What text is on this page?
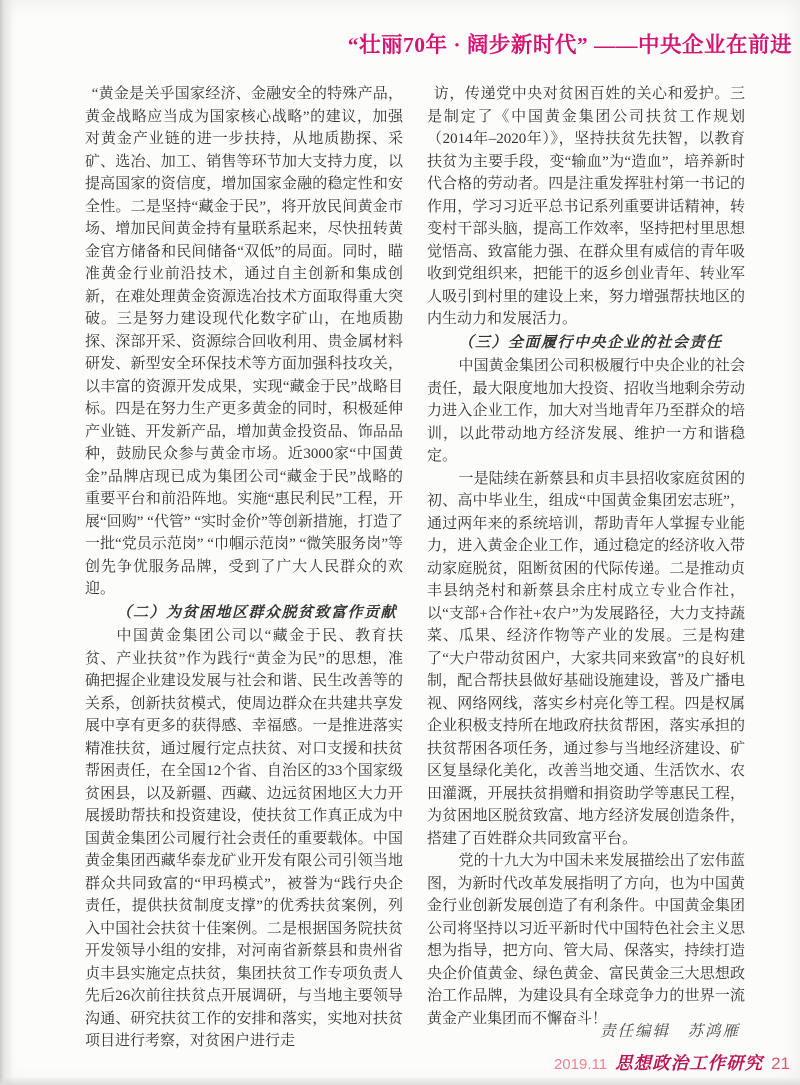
“壮丽70年 · 阔步新时代” ——中央企业在前进

“黄金是关乎国家经济、金融安全的特殊产品，黄金战略应当成为国家核心战略”的建议，加强对黄金产业链的进一步扶持，从地质勘探、采矿、选冶、加工、销售等环节加大支持力度，以提高国家的资信度，增加国家金融的稳定性和安全性。二是坚持“藏金于民”，将开放民间黄金市场、增加民间黄金持有量联系起来，尽快扭转黄金官方储备和民间储备“双低”的局面。同时，瞄准黄金行业前沿技术，通过自主创新和集成创新，在难处理黄金资源选冶技术方面取得重大突破。三是努力建设现代化数字矿山，在地质勘探、深部开采、资源综合回收利用、贵金属材料研发、新型安全环保技术等方面加强科技攻关，以丰富的资源开发成果，实现“藏金于民”战略目标。四是在努力生产更多黄金的同时，积极延伸产业链、开发新产品，增加黄金投资品、饰品品种，鼓励民众参与黄金市场。近3000家“中国黄金”品牌店现已成为集团公司“藏金于民”战略的重要平台和前沿阵地。实施“惠民利民”工程，开展“回购” “代管” “实时金价”等创新措施，打造了一批“党员示范岗” “巾帼示范岗” “微笑服务岗”等创先争优服务品牌，受到了广大人民群众的欢迎。

（二）为贫困地区群众脱贫致富作贡献

中国黄金集团公司以“藏金于民、教育扶贫、产业扶贫”作为践行“黄金为民”的思想，准确把握企业建设发展与社会和谐、民生改善等的关系，创新扶贫模式，使周边群众在共建共享发展中享有更多的获得感、幸福感。一是推进落实精准扶贫，通过履行定点扶贫、对口支援和扶贫帮困责任，在全国12个省、自治区的33个国家级贫困县，以及新疆、西藏、边远贫困地区大力开展援助帮扶和投资建设，使扶贫工作真正成为中国黄金集团公司履行社会责任的重要载体。中国黄金集团西藏华泰龙矿业开发有限公司引领当地群众共同致富的“甲玛模式”，被誉为“践行央企责任，提供扶贫制度支撑”的优秀扶贫案例，列入中国社会扶贫十佳案例。二是根据国务院扶贫开发领导小组的安排，对河南省新蔡县和贵州省贞丰县实施定点扶贫，集团扶贫工作专项负责人先后26次前往扶贫点开展调研，与当地主要领导沟通、研究扶贫工作的安排和落实，实地对扶贫项目进行考察，对贫困户进行走

访，传递党中央对贫困百姓的关心和爱护。三是制定了《中国黄金集团公司扶贫工作规划（2014年–2020年）》，坚持扶贫先扶智，以教育扶贫为主要手段，变“输血”为“造血”，培养新时代合格的劳动者。四是注重发挥驻村第一书记的作用，学习习近平总书记系列重要讲话精神，转变村干部头脑，提高工作效率，坚持把村里思想觉悟高、致富能力强、在群众里有威信的青年吸收到党组织来，把能干的返乡创业青年、转业军人吸引到村里的建设上来，努力增强帮扶地区的内生动力和发展活力。

（三）全面履行中央企业的社会责任

中国黄金集团公司积极履行中央企业的社会责任，最大限度地加大投资、招收当地剩余劳动力进入企业工作，加大对当地青年乃至群众的培训，以此带动地方经济发展、维护一方和谐稳定。

一是陆续在新蔡县和贞丰县招收家庭贫困的初、高中毕业生，组成“中国黄金集团宏志班”，通过两年来的系统培训，帮助青年人掌握专业能力，进入黄金企业工作，通过稳定的经济收入带动家庭脱贫，阻断贫困的代际传递。二是推动贞丰县纳尧村和新蔡县余庄村成立专业合作社，以“支部+合作社+农户”为发展路径，大力支持蔬菜、瓜果、经济作物等产业的发展。三是构建了“大户带动贫困户，大家共同来致富”的良好机制，配合帮扶县做好基础设施建设，普及广播电视、网络网线，落实乡村亮化等工程。四是权属企业积极支持所在地政府扶贫帮困，落实承担的扶贫帮困各项任务，通过参与当地经济建设、矿区复垦绿化美化，改善当地交通、生活饮水、农田灌溉，开展扶贫捐赠和捐资助学等惠民工程，为贫困地区脱贫致富、地方经济发展创造条件，搭建了百姓群众共同致富平台。

党的十九大为中国未来发展描绘出了宏伟蓝图，为新时代改革发展指明了方向，也为中国黄金行业创新发展创造了有利条件。中国黄金集团公司将坚持以习近平新时代中国特色社会主义思想为指导，把方向、管大局、保落实，持续打造央企价值黄金、绿色黄金、富民黄金三大思想政治工作品牌，为建设具有全球竞争力的世界一流黄金产业集团而不懈奋斗！

责任编辑　苏鸿雁
2019.11 思想政治工作研究 21
